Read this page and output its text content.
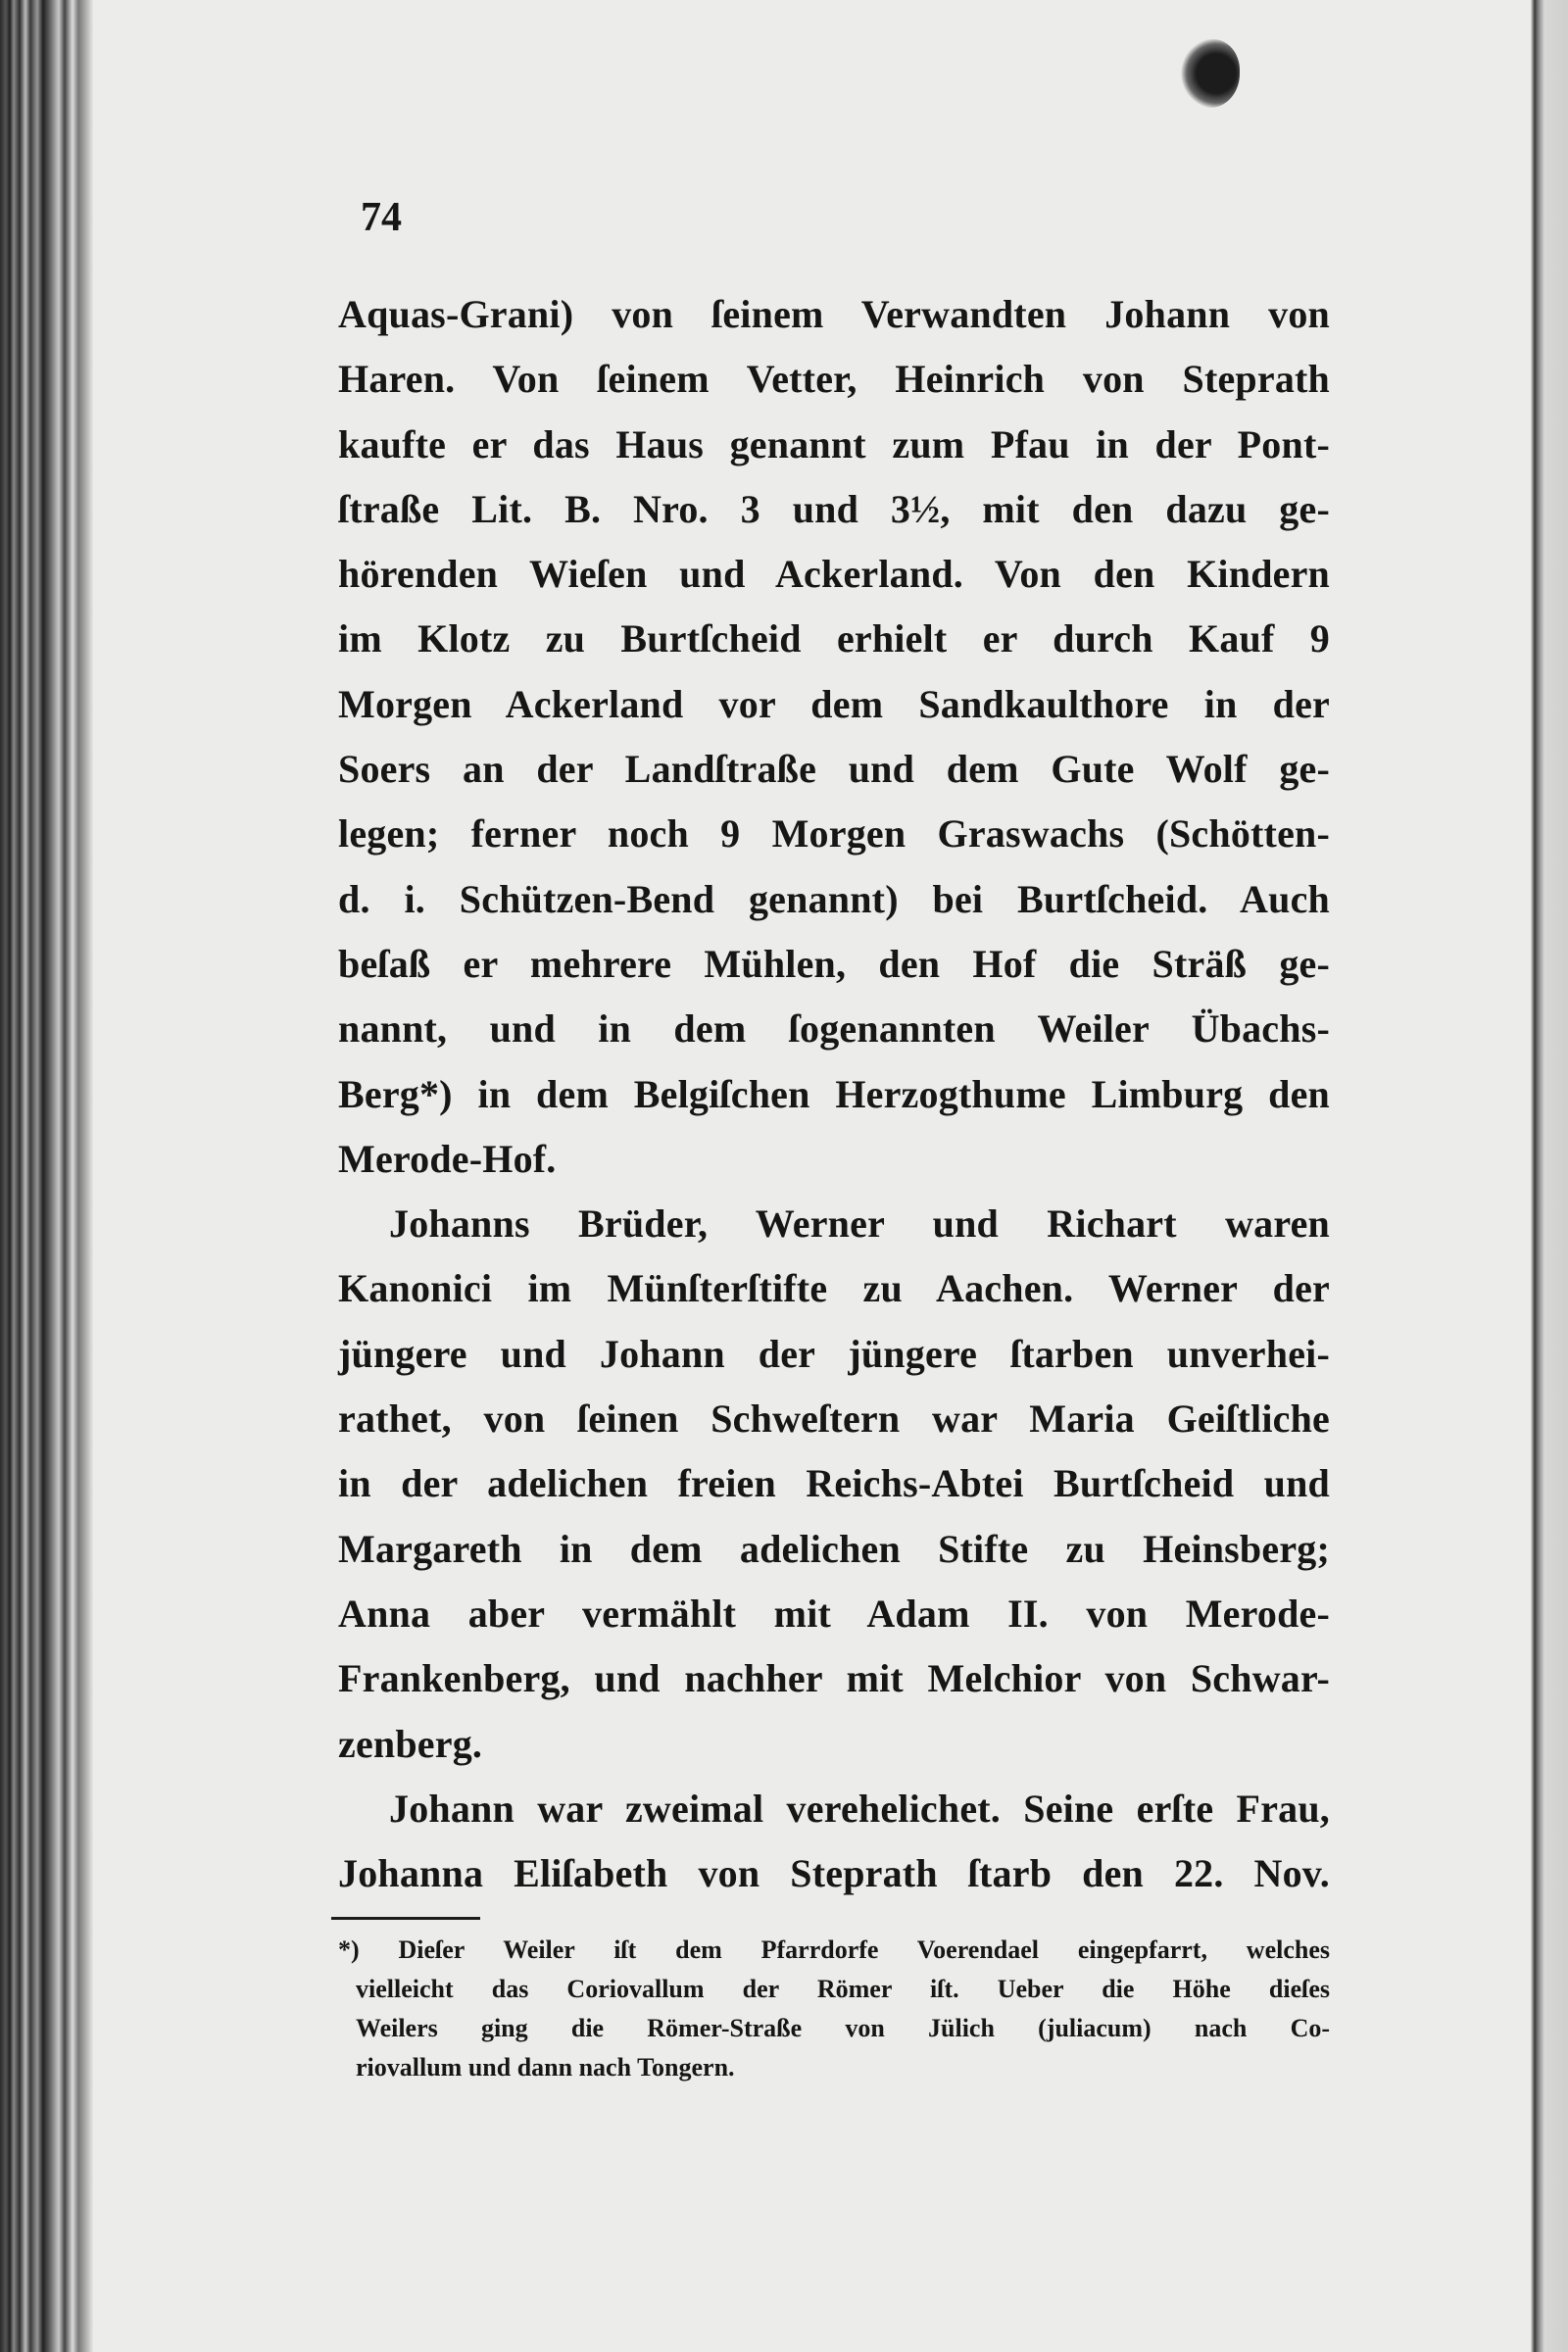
74
Aquas-Grani) von ſeinem Verwandten Johann von
Haren. Von ſeinem Vetter, Heinrich von Steprath
kaufte er das Haus genannt zum Pfau in der Pont-
ſtraße Lit. B. Nro. 3 und 3½, mit den dazu ge-
hörenden Wieſen und Ackerland. Von den Kindern
im Klotz zu Burtſcheid erhielt er durch Kauf 9
Morgen Ackerland vor dem Sandkaulthore in der
Soers an der Landſtraße und dem Gute Wolf ge-
legen; ferner noch 9 Morgen Graswachs (Schötten-
d. i. Schützen-Bend genannt) bei Burtſcheid. Auch
beſaß er mehrere Mühlen, den Hof die Sträß ge-
nannt, und in dem ſogenannten Weiler Übachs-
Berg*) in dem Belgiſchen Herzogthume Limburg den
Merode-Hof.
Johanns Brüder, Werner und Richart waren
Kanonici im Münſterſtifte zu Aachen. Werner der
jüngere und Johann der jüngere ſtarben unverhei-
rathet, von ſeinen Schweſtern war Maria Geiſtliche
in der adelichen freien Reichs-Abtei Burtſcheid und
Margareth in dem adelichen Stifte zu Heinsberg;
Anna aber vermählt mit Adam II. von Merode-
Frankenberg, und nachher mit Melchior von Schwar-
zenberg.
Johann war zweimal verehelichet. Seine erſte Frau,
Johanna Eliſabeth von Steprath ſtarb den 22. Nov.
*) Dieſer Weiler iſt dem Pfarrdorfe Voerendael eingepfarrt, welches
vielleicht das Coriovallum der Römer iſt. Ueber die Höhe dieſes
Weilers ging die Römer-Straße von Jülich (juliacum) nach Co-
riovallum und dann nach Tongern.
